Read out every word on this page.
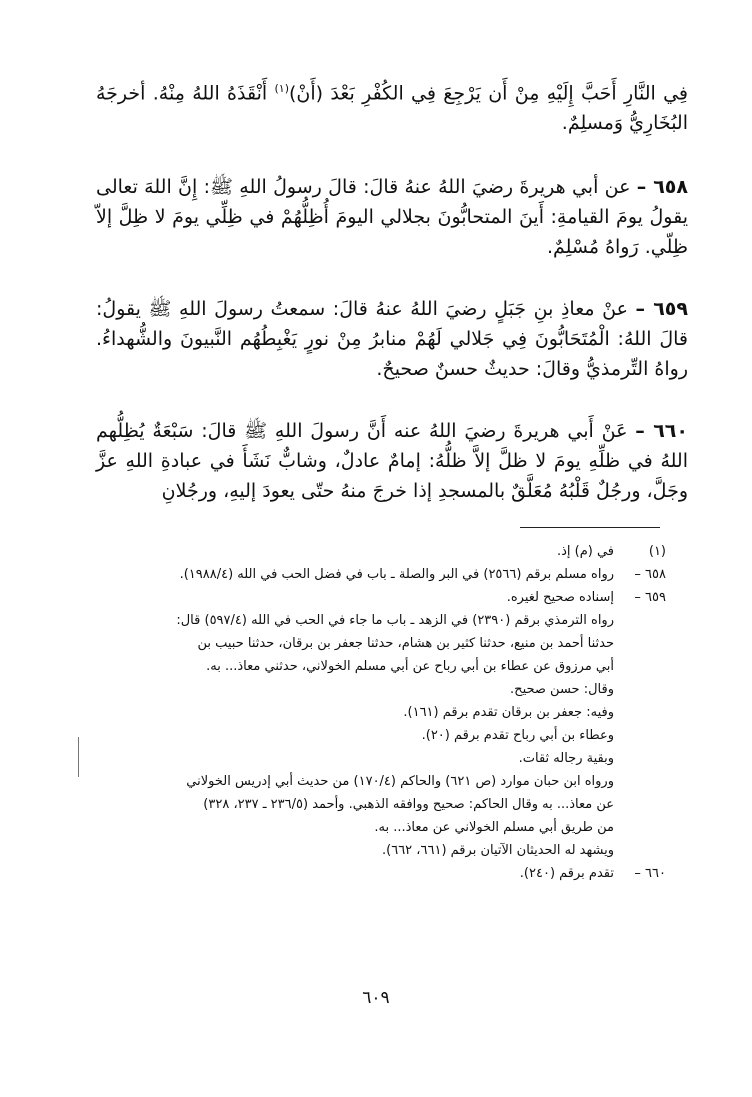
فِي النَّارِ أَحَبَّ إِلَيْهِ مِنْ أَن يَرْجِعَ فِي الكُفْرِ بَعْدَ (أَنْ)$^{(١)}$ أَنْقَذَهُ اللهُ مِنْهُ. أخرجَهُ البُخَارِيُّ وَمسلِمٌ.

٦٥٨ – عن أبي هريرةَ رضيَ اللهُ عنهُ قالَ: قالَ رسولُ اللهِ ﷺ: إِنَّ اللهَ تعالى يقولُ يومَ القيامةِ: أَينَ المتحابُّونَ بجلالي اليومَ أُظِلُّهُمْ في ظِلِّي يومَ لا ظِلَّ إلاّ ظِلّي. رَواهُ مُسْلِمٌ.

٦٥٩ – عنْ معاذِ بنِ جَبَلٍ رضيَ اللهُ عنهُ قالَ: سمعتُ رسولَ اللهِ ﷺ يقولُ: قالَ اللهُ: الْمُتَحَابُّونَ فِي جَلالي لَهُمْ منابرُ مِنْ نورٍ يَغْبِطُهُم النَّبيونَ والشُّهداءُ. رواهُ التِّرمذيُّ وقالَ: حديثٌ حسنٌ صحيحٌ.

٦٦٠ – عَنْ أَبي هريرةَ رضيَ اللهُ عنه أَنَّ رسولَ اللهِ ﷺ قالَ: سَبْعَةٌ يُظِلُّهم اللهُ في ظلِّهِ يومَ لا ظلَّ إلاَّ ظلُّهُ: إمامٌ عادلٌ، وشابٌّ نَشَأَ في عبادةِ اللهِ عزَّ وجَلَّ، ورجُلٌ قَلْبُهُ مُعَلَّقٌ بالمسجدِ إذا خرجَ منهُ حتّى يعودَ إليهِ، ورجُلانِ

(١)
في (م) إذ.
٦٥٨ –
رواه مسلم برقم (٢٥٦٦) في البر والصلة ـ باب في فضل الحب في الله (١٩٨٨/٤).
٦٥٩ –
إسناده صحيح لغيره.
رواه الترمذي برقم (٢٣٩٠) في الزهد ـ باب ما جاء في الحب في الله (٥٩٧/٤) قال:
حدثنا أحمد بن منيع، حدثنا كثير بن هشام، حدثنا جعفر بن برقان، حدثنا حبيب بن
أبي مرزوق عن عطاء بن أبي رباح عن أبي مسلم الخولاني، حدثني معاذ... به.
وقال: حسن صحيح.
وفيه: جعفر بن برقان تقدم برقم (١٦١).
وعطاء بن أبي رباح تقدم برقم (٢٠).
وبقية رجاله ثقات.
ورواه ابن حبان موارد (ص ٦٢١) والحاكم (١٧٠/٤) من حديث أبي إدريس الخولاني
عن معاذ... به وقال الحاكم: صحيح ووافقه الذهبي. وأحمد (٢٣٦/٥ ـ ٢٣٧، ٣٢٨)
من طريق أبي مسلم الخولاني عن معاذ... به.
ويشهد له الحديثان الآتيان برقم (٦٦١، ٦٦٢).
٦٦٠ –
تقدم برقم (٢٤٠).
٦٠٩
